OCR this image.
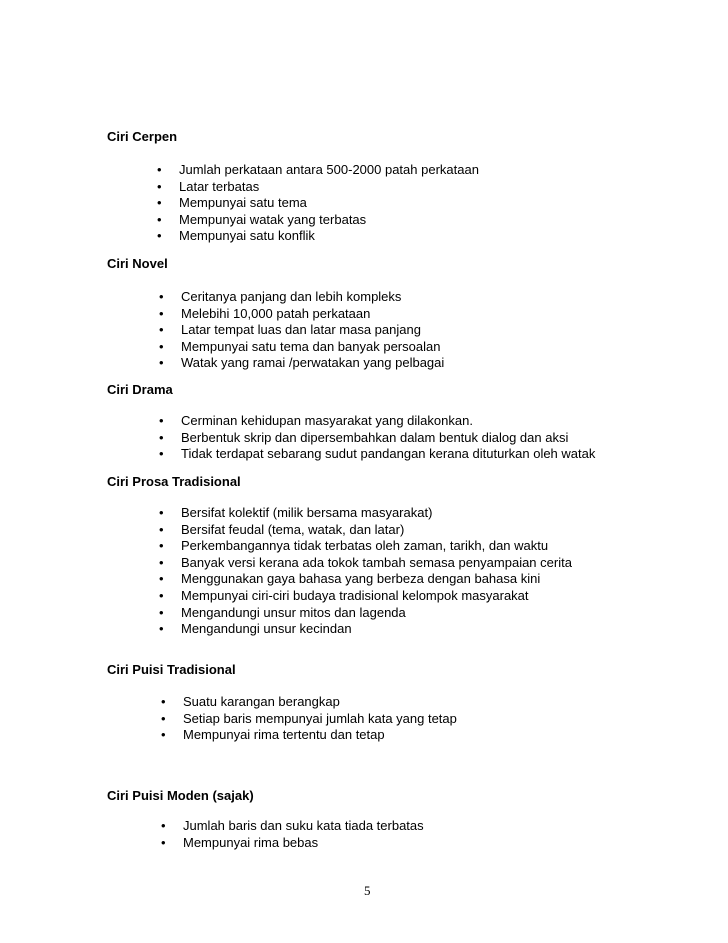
Ciri Cerpen
• Jumlah perkataan antara 500-2000 patah perkataan
• Latar terbatas
• Mempunyai satu tema
• Mempunyai watak yang terbatas
• Mempunyai satu konflik
Ciri Novel
• Ceritanya panjang dan lebih kompleks
• Melebihi 10,000 patah perkataan
• Latar tempat luas dan latar masa panjang
• Mempunyai satu tema dan banyak persoalan
• Watak yang ramai /perwatakan yang pelbagai
Ciri Drama
• Cerminan kehidupan masyarakat yang dilakonkan.
• Berbentuk skrip dan dipersembahkan dalam bentuk dialog dan aksi
• Tidak terdapat sebarang sudut pandangan kerana dituturkan oleh watak
Ciri Prosa Tradisional
• Bersifat kolektif (milik bersama masyarakat)
• Bersifat feudal (tema, watak, dan latar)
• Perkembangannya tidak terbatas oleh zaman, tarikh, dan waktu
• Banyak versi kerana ada tokok tambah semasa penyampaian cerita
• Menggunakan gaya bahasa yang berbeza dengan bahasa kini
• Mempunyai ciri-ciri budaya tradisional kelompok masyarakat
• Mengandungi unsur mitos dan lagenda
• Mengandungi unsur kecindan
Ciri Puisi Tradisional
• Suatu karangan berangkap
• Setiap baris mempunyai jumlah kata yang tetap
• Mempunyai rima tertentu dan tetap
Ciri Puisi Moden (sajak)
• Jumlah baris dan suku kata tiada terbatas
• Mempunyai rima bebas
5
